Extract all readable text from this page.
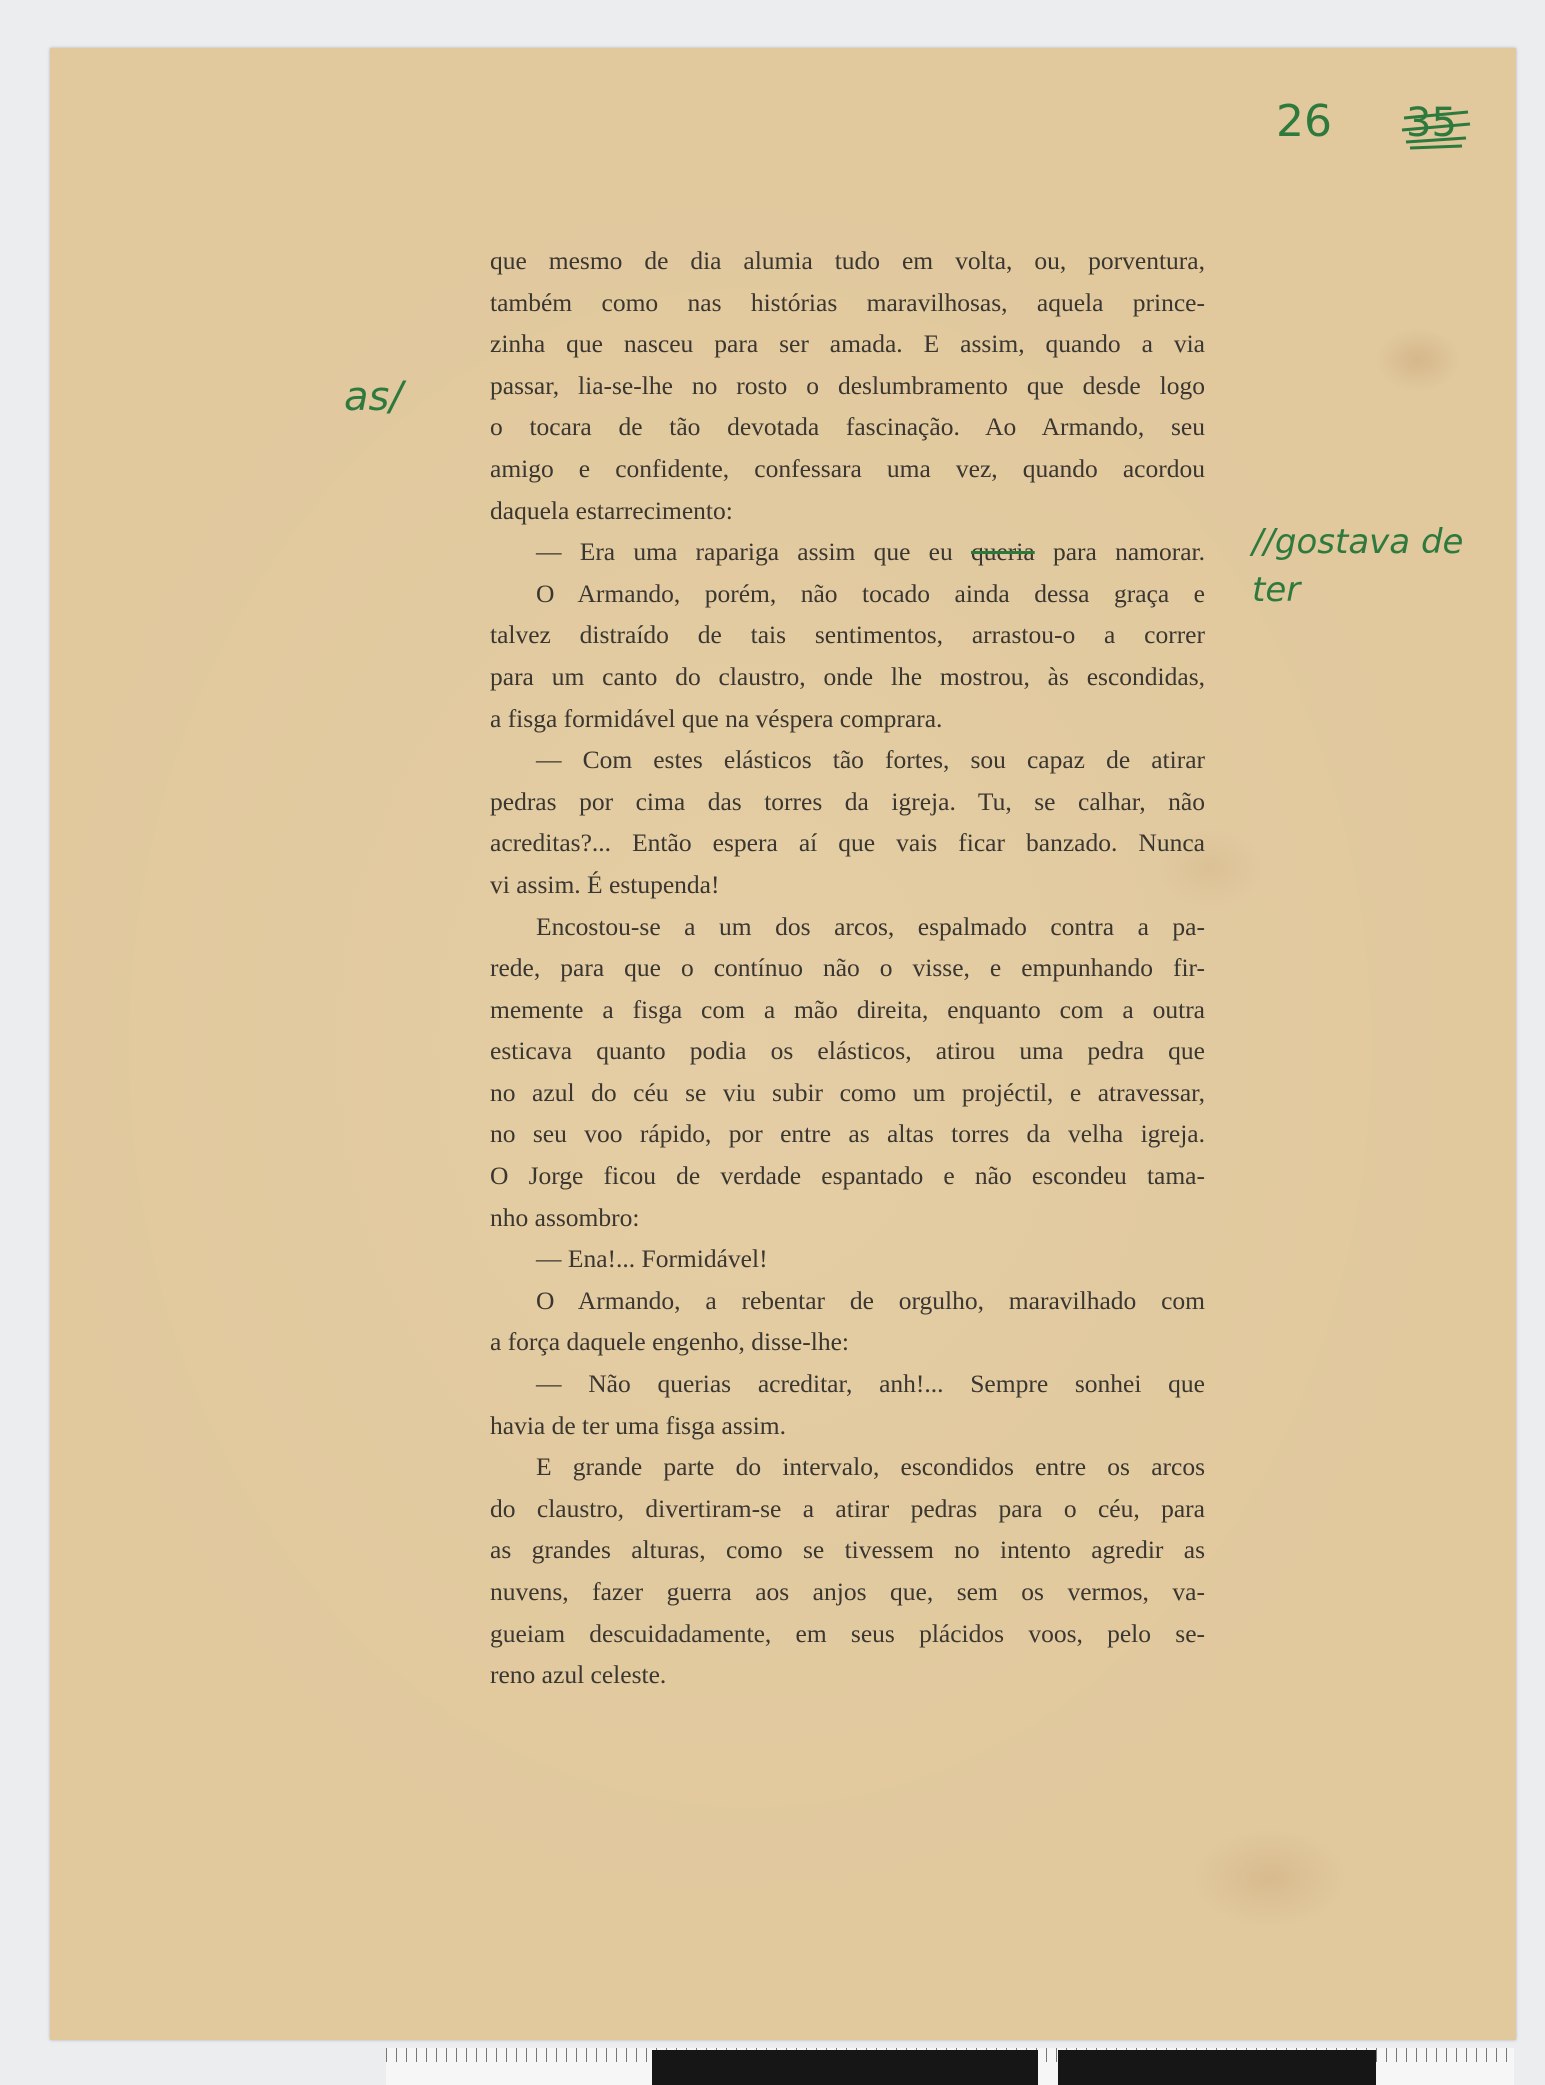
26 35
as/
//gostava de
ter
que mesmo de dia alumia tudo em volta, ou, porventura,
também como nas histórias maravilhosas, aquela prince-
zinha que nasceu para ser amada. E assim, quando a via
passar, lia-se-lhe no rosto o deslumbramento que desde logo
o tocara de tão devotada fascinação. Ao Armando, seu
amigo e confidente, confessara uma vez, quando acordou
daquela estarrecimento:
— Era uma rapariga assim que eu queria para namorar.
O Armando, porém, não tocado ainda dessa graça e
talvez distraído de tais sentimentos, arrastou-o a correr
para um canto do claustro, onde lhe mostrou, às escondidas,
a fisga formidável que na véspera comprara.
— Com estes elásticos tão fortes, sou capaz de atirar
pedras por cima das torres da igreja. Tu, se calhar, não
acreditas?... Então espera aí que vais ficar banzado. Nunca
vi assim. É estupenda!
Encostou-se a um dos arcos, espalmado contra a pa-
rede, para que o contínuo não o visse, e empunhando fir-
memente a fisga com a mão direita, enquanto com a outra
esticava quanto podia os elásticos, atirou uma pedra que
no azul do céu se viu subir como um projéctil, e atravessar,
no seu voo rápido, por entre as altas torres da velha igreja.
O Jorge ficou de verdade espantado e não escondeu tama-
nho assombro:
— Ena!... Formidável!
O Armando, a rebentar de orgulho, maravilhado com
a força daquele engenho, disse-lhe:
— Não querias acreditar, anh!... Sempre sonhei que
havia de ter uma fisga assim.
E grande parte do intervalo, escondidos entre os arcos
do claustro, divertiram-se a atirar pedras para o céu, para
as grandes alturas, como se tivessem no intento agredir as
nuvens, fazer guerra aos anjos que, sem os vermos, va-
gueiam descuidadamente, em seus plácidos voos, pelo se-
reno azul celeste.
